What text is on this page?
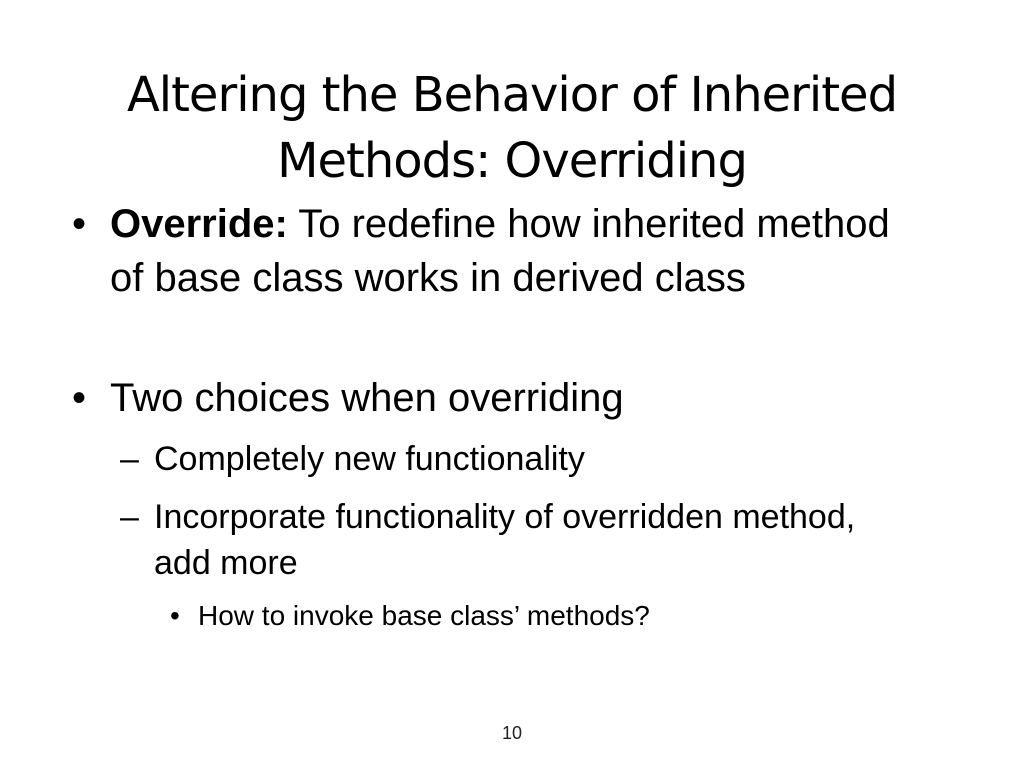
Altering the Behavior of Inherited Methods: Overriding
• Override: To redefine how inherited method of base class works in derived class
• Two choices when overriding
– Completely new functionality
– Incorporate functionality of overridden method, add more
• How to invoke base class’ methods?
10
